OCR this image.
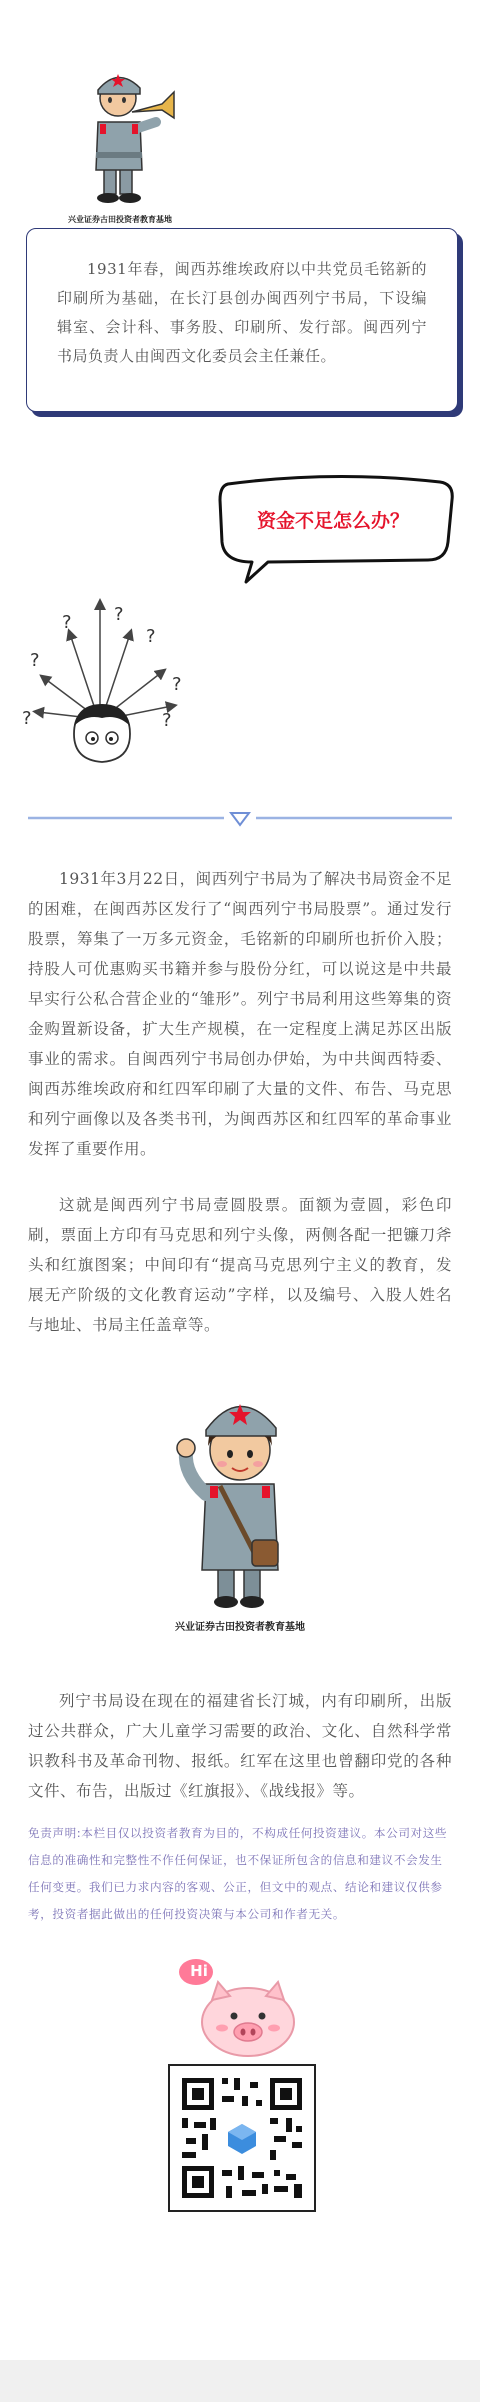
兴业证券古田投资者教育基地

1931年春，闽西苏维埃政府以中共党员毛铭新的印刷所为基础，在长汀县创办闽西列宁书局，下设编辑室、会计科、事务股、印刷所、发行部。闽西列宁书局负责人由闽西文化委员会主任兼任。

资金不足怎么办？
? ?
?
?
?
?	?

1931年3月22日，闽西列宁书局为了解决书局资金不足的困难，在闽西苏区发行了“闽西列宁书局股票”。通过发行股票，筹集了一万多元资金，毛铭新的印刷所也折价入股；持股人可优惠购买书籍并参与股份分红，可以说这是中共最早实行公私合营企业的“雏形”。列宁书局利用这些筹集的资金购置新设备，扩大生产规模，在一定程度上满足苏区出版事业的需求。自闽西列宁书局创办伊始，为中共闽西特委、闽西苏维埃政府和红四军印刷了大量的文件、布告、马克思和列宁画像以及各类书刊，为闽西苏区和红四军的革命事业发挥了重要作用。

这就是闽西列宁书局壹圆股票。面额为壹圆，彩色印刷，票面上方印有马克思和列宁头像，两侧各配一把镰刀斧头和红旗图案；中间印有“提高马克思列宁主义的教育，发展无产阶级的文化教育运动”字样，以及编号、入股人姓名与地址、书局主任盖章等。

兴业证券古田投资者教育基地

列宁书局设在现在的福建省长汀城，内有印刷所，出版过公共群众，广大儿童学习需要的政治、文化、自然科学常识教科书及革命刊物、报纸。红军在这里也曾翻印党的各种文件、布告，出版过《红旗报》、《战线报》等。

免责声明:本栏目仅以投资者教育为目的，不构成任何投资建议。本公司对这些信息的准确性和完整性不作任何保证，也不保证所包含的信息和建议不会发生任何变更。我们已力求内容的客观、公正，但文中的观点、结论和建议仅供参考，投资者据此做出的任何投资决策与本公司和作者无关。

Hi
